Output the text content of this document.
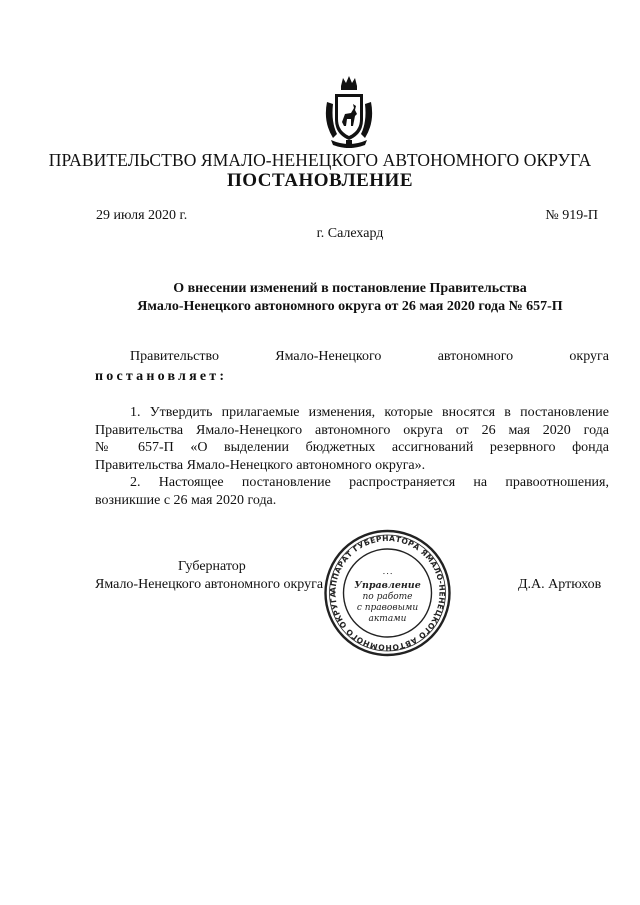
ПРАВИТЕЛЬСТВО ЯМАЛО-НЕНЕЦКОГО АВТОНОМНОГО ОКРУГА
ПОСТАНОВЛЕНИЕ
29 июля 2020 г.	№ 919-П
г. Салехард
О внесении изменений в постановление Правительства
Ямало-Ненецкого автономного округа от 26 мая 2020 года № 657-П
Правительство	Ямало-Ненецкого	автономного	округа
постановляет:
1. Утвердить прилагаемые изменения, которые вносятся в постановление
Правительства Ямало-Ненецкого автономного округа от 26 мая 2020 года
№ 657-П «О выделении бюджетных ассигнований резервного фонда
Правительства Ямало-Ненецкого автономного округа».
2. Настоящее постановление распространяется на правоотношения,
возникшие с 26 мая 2020 года.
Губернатор
Ямало-Ненецкого автономного округа	Д.А. Артюхов
АППАРАТ ГУБЕРНАТОРА ЯМАЛО-НЕНЕЦКОГО АВТОНОМНОГО ОКРУГА
• • •
Управление
по работе
с правовыми
актами
